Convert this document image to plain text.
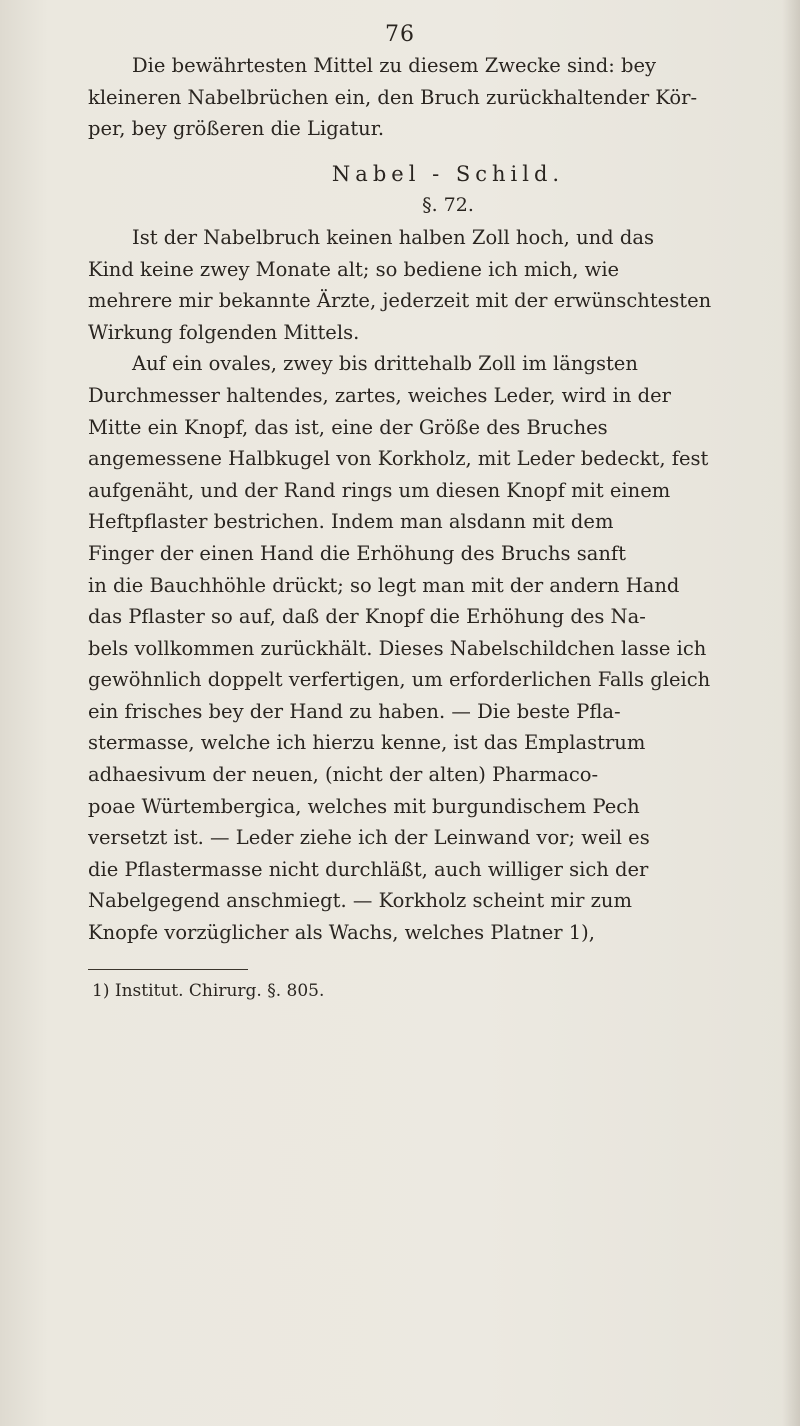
76
Die bewährtesten Mittel zu diesem Zwecke sind: bey
kleineren Nabelbrüchen ein, den Bruch zurückhaltender Kör-
per, bey größeren die Ligatur.
Nabel - Schild.
§. 72.
Ist der Nabelbruch keinen halben Zoll hoch, und das
Kind keine zwey Monate alt; so bediene ich mich, wie
mehrere mir bekannte Ärzte, jederzeit mit der erwünschtesten
Wirkung folgenden Mittels.
Auf ein ovales, zwey bis drittehalb Zoll im längsten
Durchmesser haltendes, zartes, weiches Leder, wird in der
Mitte ein Knopf, das ist, eine der Größe des Bruches
angemessene Halbkugel von Korkholz, mit Leder bedeckt, fest
aufgenäht, und der Rand rings um diesen Knopf mit einem
Heftpflaster bestrichen. Indem man alsdann mit dem
Finger der einen Hand die Erhöhung des Bruchs sanft
in die Bauchhöhle drückt; so legt man mit der andern Hand
das Pflaster so auf, daß der Knopf die Erhöhung des Na-
bels vollkommen zurückhält. Dieses Nabelschildchen lasse ich
gewöhnlich doppelt verfertigen, um erforderlichen Falls gleich
ein frisches bey der Hand zu haben. — Die beste Pfla-
stermasse, welche ich hierzu kenne, ist das Emplastrum
adhaesivum der neuen, (nicht der alten) Pharmaco-
poae Würtembergica, welches mit burgundischem Pech
versetzt ist. — Leder ziehe ich der Leinwand vor; weil es
die Pflastermasse nicht durchläßt, auch williger sich der
Nabelgegend anschmiegt. — Korkholz scheint mir zum
Knopfe vorzüglicher als Wachs, welches Platner 1),
1) Institut. Chirurg. §. 805.
